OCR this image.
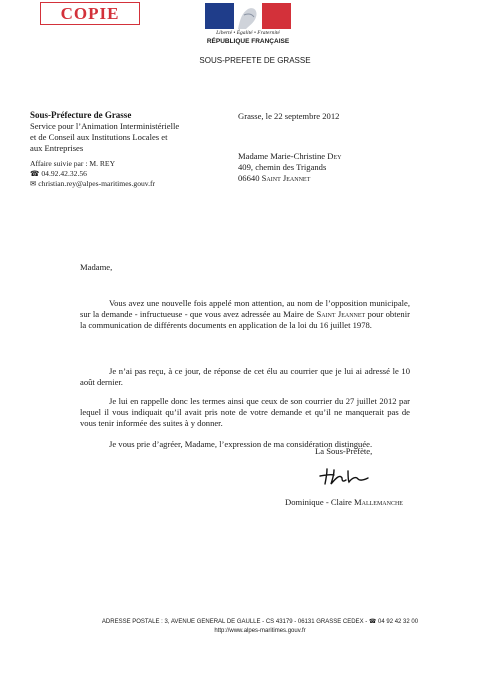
COPIE
Liberté • Égalité • Fraternité
RÉPUBLIQUE FRANÇAISE
SOUS-PREFETE DE GRASSE
Sous-Préfecture de Grasse
Service pour l’Animation Interministérielle
et de Conseil aux Institutions Locales et
aux Entreprises
Affaire suivie par : M. REY
☎ 04.92.42.32.56
✉ christian.rey@alpes-maritimes.gouv.fr
Grasse, le 22 septembre 2012
Madame Marie-Christine Dey
409, chemin des Trigands
06640 Saint Jeannet
Madame,

Vous avez une nouvelle fois appelé mon attention, au nom de l’opposition municipale, sur la demande - infructueuse - que vous avez adressée au Maire de Saint Jeannet pour obtenir la communication de différents documents en application de la loi du 16 juillet 1978.

Je n’ai pas reçu, à ce jour, de réponse de cet élu au courrier que je lui ai adressé le 10 août dernier.

Je lui en rappelle donc les termes ainsi que ceux de son courrier du 27 juillet 2012 par lequel il vous indiquait qu’il avait pris note de votre demande et qu’il ne manquerait pas de vous tenir informée des suites à y donner.

Je vous prie d’agréer, Madame, l’expression de ma considération distinguée.

La Sous-Préfète,
Dominique - Claire Mallemanche
ADRESSE POSTALE : 3, AVENUE GENERAL DE GAULLE - CS 43179 - 06131 GRASSE CEDEX - ☎ 04 92 42 32 00
http://www.alpes-maritimes.gouv.fr
